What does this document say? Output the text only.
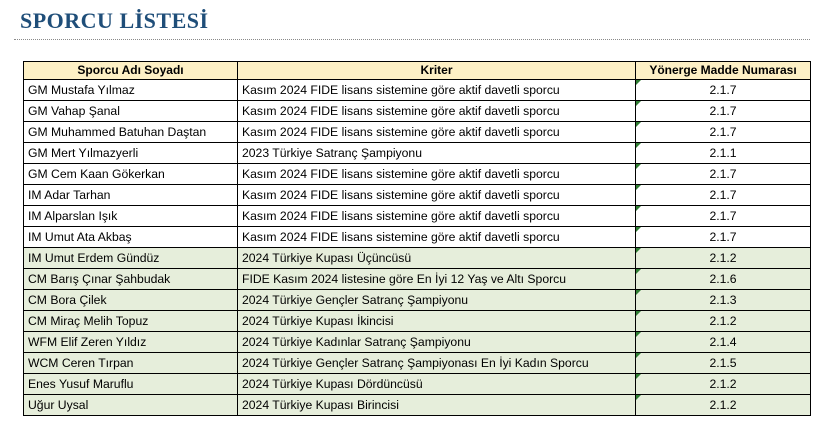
SPORCU LİSTESİ
Sporcu Adı Soyadı	Kriter	Yönerge Madde Numarası
GM Mustafa Yılmaz	Kasım 2024 FIDE lisans sistemine göre aktif davetli sporcu	2.1.7
GM Vahap Şanal	Kasım 2024 FIDE lisans sistemine göre aktif davetli sporcu	2.1.7
GM Muhammed Batuhan Daştan	Kasım 2024 FIDE lisans sistemine göre aktif davetli sporcu	2.1.7
GM Mert Yılmazyerli	2023 Türkiye Satranç Şampiyonu	2.1.1
GM Cem Kaan Gökerkan	Kasım 2024 FIDE lisans sistemine göre aktif davetli sporcu	2.1.7
IM Adar Tarhan	Kasım 2024 FIDE lisans sistemine göre aktif davetli sporcu	2.1.7
IM Alparslan Işık	Kasım 2024 FIDE lisans sistemine göre aktif davetli sporcu	2.1.7
IM Umut Ata Akbaş	Kasım 2024 FIDE lisans sistemine göre aktif davetli sporcu	2.1.7
IM Umut Erdem Gündüz	2024 Türkiye Kupası Üçüncüsü	2.1.2
CM Barış Çınar Şahbudak	FIDE Kasım 2024 listesine göre En İyi 12 Yaş ve Altı Sporcu	2.1.6
CM Bora Çilek	2024 Türkiye Gençler Satranç Şampiyonu	2.1.3
CM Miraç Melih Topuz	2024 Türkiye Kupası İkincisi	2.1.2
WFM Elif Zeren Yıldız	2024 Türkiye Kadınlar Satranç Şampiyonu	2.1.4
WCM Ceren Tırpan	2024 Türkiye Gençler Satranç Şampiyonası En İyi Kadın Sporcu	2.1.5
Enes Yusuf Maruflu	2024 Türkiye Kupası Dördüncüsü	2.1.2
Uğur Uysal	2024 Türkiye Kupası Birincisi	2.1.2
